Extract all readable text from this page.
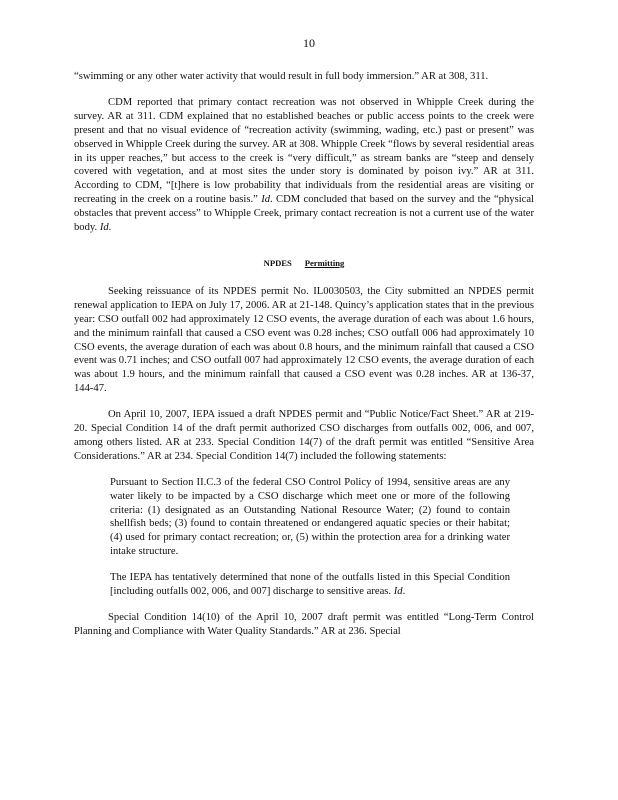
10

“swimming or any other water activity that would result in full body immersion.” AR at 308, 311.

CDM reported that primary contact recreation was not observed in Whipple Creek during the survey. AR at 311. CDM explained that no established beaches or public access points to the creek were present and that no visual evidence of “recreation activity (swimming, wading, etc.) past or present” was observed in Whipple Creek during the survey. AR at 308. Whipple Creek “flows by several residential areas in its upper reaches,” but access to the creek is “very difficult,” as stream banks are “steep and densely covered with vegetation, and at most sites the under story is dominated by poison ivy.” AR at 311. According to CDM, “[t]here is low probability that individuals from the residential areas are visiting or recreating in the creek on a routine basis.” Id. CDM concluded that based on the survey and the “physical obstacles that prevent access” to Whipple Creek, primary contact recreation is not a current use of the water body. Id.

NPDES Permitting

Seeking reissuance of its NPDES permit No. IL0030503, the City submitted an NPDES permit renewal application to IEPA on July 17, 2006. AR at 21-148. Quincy’s application states that in the previous year: CSO outfall 002 had approximately 12 CSO events, the average duration of each was about 1.6 hours, and the minimum rainfall that caused a CSO event was 0.28 inches; CSO outfall 006 had approximately 10 CSO events, the average duration of each was about 0.8 hours, and the minimum rainfall that caused a CSO event was 0.71 inches; and CSO outfall 007 had approximately 12 CSO events, the average duration of each was about 1.9 hours, and the minimum rainfall that caused a CSO event was 0.28 inches. AR at 136-37, 144-47.

On April 10, 2007, IEPA issued a draft NPDES permit and “Public Notice/Fact Sheet.” AR at 219-20. Special Condition 14 of the draft permit authorized CSO discharges from outfalls 002, 006, and 007, among others listed. AR at 233. Special Condition 14(7) of the draft permit was entitled “Sensitive Area Considerations.” AR at 234. Special Condition 14(7) included the following statements:

Pursuant to Section II.C.3 of the federal CSO Control Policy of 1994, sensitive areas are any water likely to be impacted by a CSO discharge which meet one or more of the following criteria: (1) designated as an Outstanding National Resource Water; (2) found to contain shellfish beds; (3) found to contain threatened or endangered aquatic species or their habitat; (4) used for primary contact recreation; or, (5) within the protection area for a drinking water intake structure.

The IEPA has tentatively determined that none of the outfalls listed in this Special Condition [including outfalls 002, 006, and 007] discharge to sensitive areas. Id.

Special Condition 14(10) of the April 10, 2007 draft permit was entitled “Long-Term Control Planning and Compliance with Water Quality Standards.” AR at 236. Special
